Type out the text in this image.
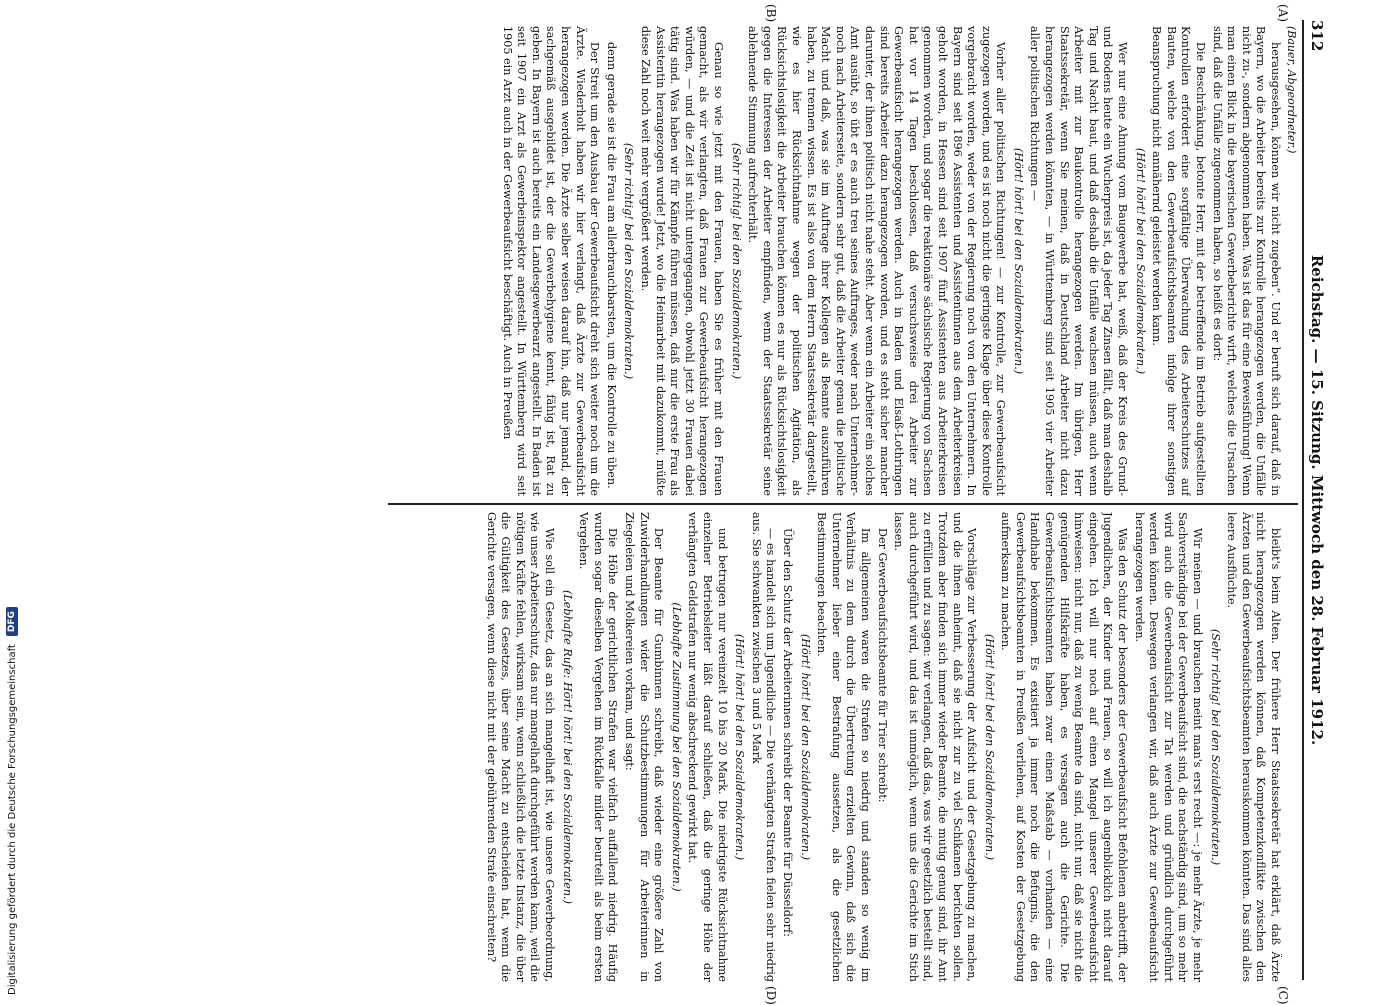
312
Reichstag. — 15. Sitzung. Mittwoch den 28. Februar 1912.
(Bauer, Abgeordneter.)
(A)
(B)
(C)
(D)

herausgesehen, können wir nicht zugeben“. Und er beruft sich darauf, daß in Bayern, wo die Arbeiter bereits zur Kontrolle herangezogen werden, die Unfälle nicht zu-, sondern abgenommen haben. Was ist das für eine Beweisführung! Wenn man einen Blick in die bayerischen Gewerbeberichte wirft, welches die Ursachen sind, daß die Unfälle zugenommen haben, so heißt es dort:

Die Beschränkung, betonte Herr, mit der betreffende im Betrieb aufgestellten Kontrollen erfordert eine sorgfältige Überwachung des Arbeiterschutzes auf Bauten, welche von den Gewerbeaufsichtsbeamten infolge ihrer sonstigen Beanspruchung nicht annähernd geleistet werden kann.

(Hört! hört! bei den Sozialdemokraten.)

Wer nur eine Ahnung vom Baugewerbe hat, weiß, daß der Kreis des Grund- und Bodens heute ein Wucherpreis ist, da jeder Tag Zinsen fällt, daß man deshalb Tag und Nacht baut, und daß deshalb die Unfälle wachsen müssen, auch wenn Arbeiter mit zur Baukontrolle herangezogen werden. Im übrigen, Herr Staatssekretär, wenn Sie meinen, daß in Deutschland Arbeiter nicht dazu herangezogen werden könnten, — in Württemberg sind seit 1905 vier Arbeiter aller politischen Richtungen —

(Hört! hört! bei den Sozialdemokraten.)

Vorher aller politischen Richtungen! — zur Kontrolle, zur Gewerbeaufsicht zugezogen worden, und es ist noch nicht die geringste Klage über diese Kontrolle vorgebracht worden, weder von der Regierung noch von den Unternehmern. In Bayern sind seit 1896 Assistenten und Assistentinnen aus dem Arbeiterkreisen geholt worden, in Hessen sind seit 1907 fünf Assistenten aus Arbeiterkreisen genommen worden, und sogar die reaktionäre sächsische Regierung von Sachsen hat vor 14 Tagen beschlossen, daß versuchsweise drei Arbeiter zur Gewerbeaufsicht herangezogen werden. Auch in Baden und Elsaß-Lothringen sind bereits Arbeiter dazu herangezogen worden, und es steht sicher mancher darunter, der ihnen politisch nicht nahe steht. Aber wenn ein Arbeiter ein solches Amt ausübt, so übt er es auch treu seines Auftrages, weder nach Unternehmer- noch nach Arbeiterseite, sondern sehr gut, daß die Arbeiter genau die politische Macht und daß, was sie im Auftrage ihrer Kollegen als Beamte auszuführen haben, zu trennen wissen. Es ist also von dem Herrn Staatssekretär dargestellt, wie es hier Rücksichtnahme wegen der politischen Agitation, als Rücksichtslosigkeit die Arbeiter brauchen können es nur als Rücksichtslosigkeit gegen die Interessen der Arbeiter empfinden, wenn der Staatssekretär seine ablehnende Stimmung aufrechterhält.

(Sehr richtig! bei den Sozialdemokraten.)

Genau so wie jetzt mit den Frauen, haben Sie es früher mit den Frauen gemacht, als wir verlangten, daß Frauen zur Gewerbeaufsicht herangezogen würden, — und die Zeit ist nicht untergegangen, obwohl jetzt 30 Frauen dabei tätig sind. Was haben wir für Kämpfe führen müssen, daß nur die erste Frau als Assistentin herangezogen wurde! Jetzt, wo die Heimarbeit mit dazukommt, müßte diese Zahl noch weit mehr vergrößert werden.

(Sehr richtig! bei den Sozialdemokraten.)

denn gerade sie ist die Frau am allerbrauchbarsten, um die Kontrolle zu üben.

Der Streit um den Ausbau der Gewerbeaufsicht dreht sich weiter noch um die Ärzte. Wiederholt haben wir hier verlangt, daß Ärzte zur Gewerbeaufsicht herangezogen werden. Die Ärzte selber weisen darauf hin, daß nur jemand, der sachgemäß ausgebildet ist, der die Gewerbehygiene kennt, fähig ist, Rat zu geben. In Bayern ist auch bereits ein Landesgewerbearzt angestellt. In Baden ist seit 1907 ein Arzt als Gewerbeinspektor angestellt. In Württemberg wird seit 1905 ein Arzt auch in der Gewerbeaufsicht beschäftigt. Auch in Preußen

bleibt's beim Alten. Der frühere Herr Staatssekretär hat erklärt, daß Ärzte nicht herangezogen werden können, daß Kompetenzkonflikte zwischen den Ärzten und den Gewerbeaufsichtsbeamten herauskommen könnten. Das sind alles leere Ausflüchte.

(Sehr richtig! bei den Sozialdemokraten.)

Wir meinen — und brauchen meint man's erst recht —: je mehr Ärzte, je mehr Sachverständige bei der Gewerbeaufsicht sind, die nachständig sind, um so mehr wird auch die Gewerbeaufsicht zur Tat werden und gründlich durchgeführt werden können. Deswegen verlangen wir, daß auch Ärzte zur Gewerbeaufsicht herangezogen werden.

Was den Schutz der besonders der Gewerbeaufsicht Befohlenen anbetrifft, der Jugendlichen, der Kinder und Frauen, so will ich augenblicklich nicht darauf eingehen. Ich will nur noch auf einen Mangel unserer Gewerbeaufsicht hinweisen: nicht nur, daß zu wenig Beamte da sind, nicht nur, daß sie nicht die genügenden Hilfskräfte haben, es versagen auch die Gerichte. Die Gewerbeaufsichtsbeamten haben zwar einen Maßstab — vorhanden — eine Handhabe bekommen. Es existiert ja immer noch die Befugnis, die den Gewerbeaufsichtsbeamten in Preußen verliehen, auf Kosten der Gesetzgebung aufmerksam zu machen.

(Hört! hört! bei den Sozialdemokraten.)

Vorschläge zur Verbesserung der Aufsicht und der Gesetzgebung zu machen, und die ihnen anheimt, daß sie nicht zur zu viel Schikanen berichten sollen. Trotzdem aber finden sich immer wieder Beamte, die mutig genug sind, ihr Amt zu erfüllen und zu sagen: wir verlangen, daß das, was wir gesetzlich bestellt sind, auch durchgeführt wird, und das ist unmöglich, wenn uns die Gerichte im Stich lassen.

Der Gewerbeaufsichtsbeamte für Trier schreibt:

Im allgemeinen waren die Strafen so niedrig und standen so wenig im Verhältnis zu dem durch die Übertretung erzielten Gewinn, daß sich die Unternehmer lieber einer Bestrafung aussetzen, als die gesetzlichen Bestimmungen beachten.

(Hört! hört! bei den Sozialdemokraten.)

Über den Schutz der Arbeiterinnen schreibt der Beamte für Düsseldorf:

— es handelt sich um Jugendliche — Die verhängten Strafen fielen sehr niedrig aus. Sie schwankten zwischen 3 und 5 Mark

(Hört! hört! bei den Sozialdemokraten.)

und betrugen nur vereinzelt 10 bis 20 Mark. Die niedrigste Rücksichtnahme einzelner Betriebsleiter läßt darauf schließen, daß die geringe Höhe der verhängten Geldstrafen nur wenig abschreckend gewirkt hat.

(Lebhafte Zustimmung bei den Sozialdemokraten.)

Der Beamte für Gumbinnen schreibt, daß wieder eine größere Zahl von Zuwiderhandlungen wider die Schutzbestimmungen für Arbeiterinnen in Ziegeleien und Molkereien vorkam, und sagt:

Die Höhe der gerichtlichen Strafen war vielfach auffallend niedrig. Häufig wurden sogar dieselben Vergehen im Rückfalle milder beurteilt als beim ersten Vergehen.

(Lebhafte Rufe: Hört! hört! bei den Sozialdemokraten.)

Wie soll ein Gesetz, das an sich mangelhaft ist, wie unsere Gewerbeordnung, wie unser Arbeiterschutz, das nur mangelhaft durchgeführt werden kann, weil die nötigen Kräfte fehlen, wirksam sein, wenn schließlich die letzte Instanz, die über die Gültigkeit des Gesetzes, über seine Macht zu entscheiden hat, wenn die Gerichte versagen, wenn diese nicht mit der gebührenden Strafe einschreiten?

Digitalisierung gefördert durch die Deutsche Forschungsgemeinschaft
DFG
